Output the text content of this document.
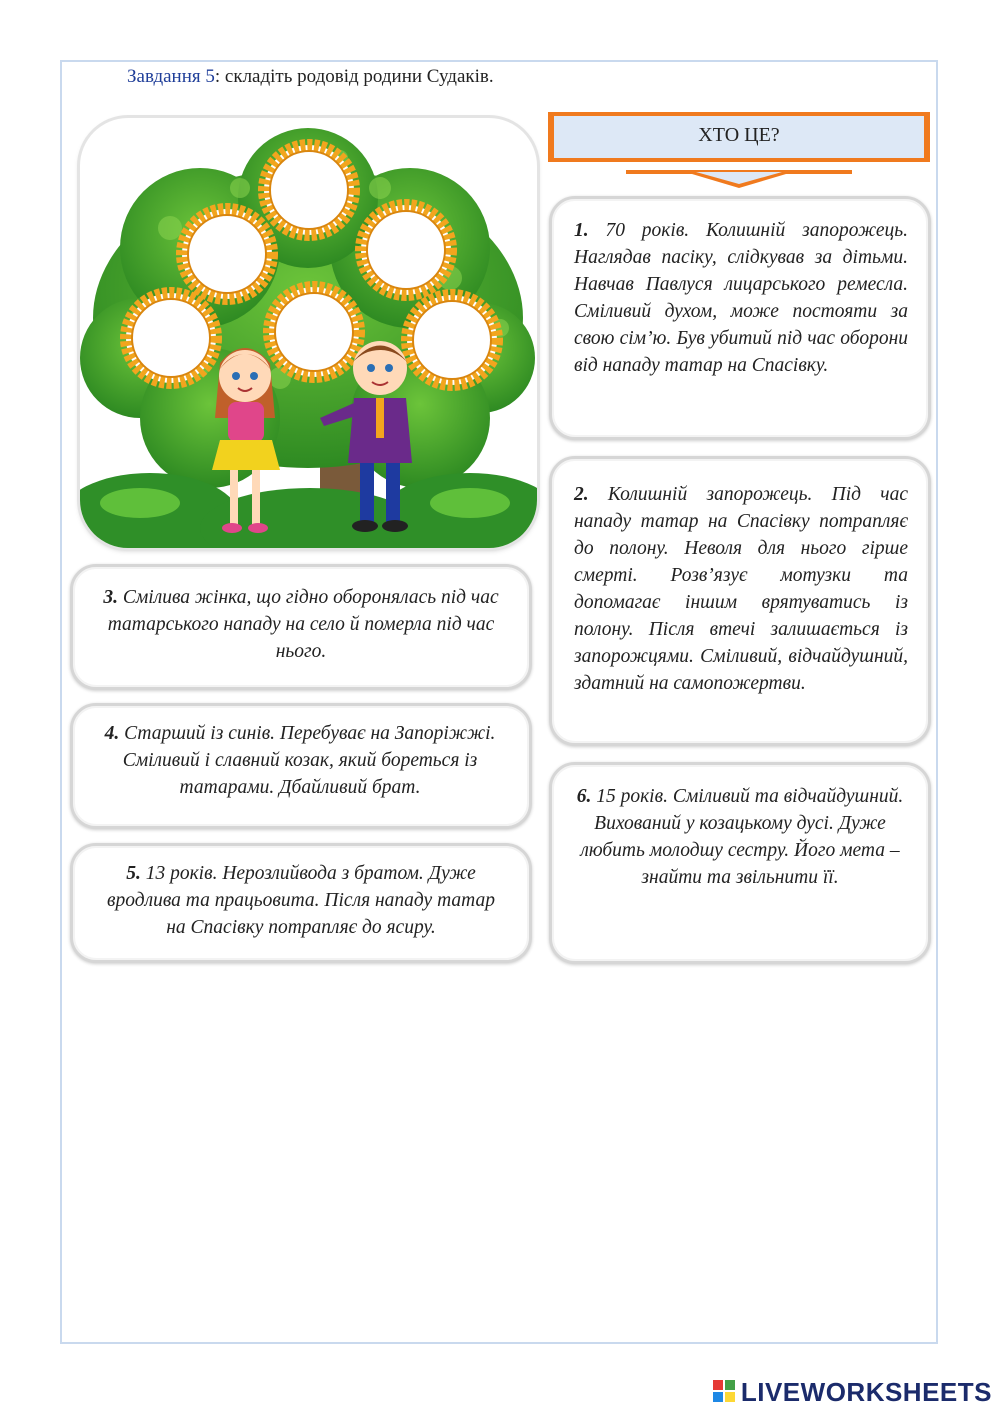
Завдання 5: складіть родовід родини Судаків.
ХТО ЦЕ?

1. 70 років. Колишній запорожець. Наглядав пасіку, слідкував за дітьми. Навчав Павлуся лицарського ремесла. Сміливий духом, може постояти за свою сім’ю. Був убитий під час оборони від нападу татар на Спасівку.

2. Колишній запорожець. Під час нападу татар на Спасівку потрапляє до полону. Неволя для нього гірше смерті. Розв’язує мотузки та допомагає іншим врятуватись із полону. Після втечі залишається із запорожцями. Сміливий, відчайдушний, здатний на самопожертви.

3. Смілива жінка, що гідно оборонялась під час татарського нападу на село й померла під час нього.

4. Старший із синів. Перебуває на Запоріжжі. Сміливий і славний козак, який бореться із татарами. Дбайливий брат.

5. 13 років. Нерозлийвода з братом. Дуже вродлива та працьовита. Після нападу татар на Спасівку потрапляє до ясиру.

6. 15 років. Сміливий та відчайдушний. Вихований у козацькому дусі. Дуже любить молодшу сестру. Його мета – знайти та звільнити її.

LIVEWORKSHEETS
